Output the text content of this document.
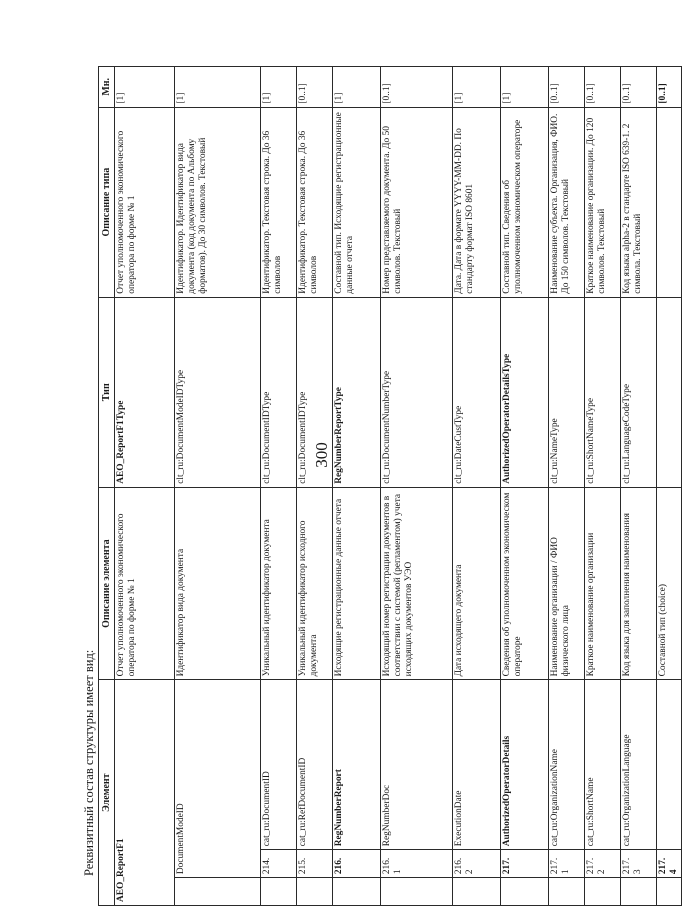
300
Реквизитный состав структуры имеет вид: Элемент			Описание элемента	Тип	Описание типа	Мн.
AEO_ReportF1			Отчет уполномоченного экономического оператора по форме № 1	AEO_ReportF1Type	Отчет уполномоченного экономического оператора по форме № 1	[1]
	DocumentModeID		Идентификатор вида документа	clt_ru:DocumentModeIDType	Идентификатор. Идентификатор вида документа (код документа по Альбому форматов). До 30 символов. Текстовый	[1]
	214.	cat_ru:DocumentID	Уникальный идентификатор документа	clt_ru:DocumentIDType	Идентификатор. Текстовая строка. До 36 символов	[1]
	215.	cat_ru:RefDocumentID	Уникальный идентификатор исходного документа	clt_ru:DocumentIDType	Идентификатор. Текстовая строка. До 36 символов	[0..1]
	216.	RegNumberReport	Исходящие регистрационные данные отчета	RegNumberReportType	Составной тип. Исходящие регистрационные данные отчета	[1]
	216.1	RegNumberDoc	Исходящий номер регистрации документов в соответствии с системой (регламентом) учета исходящих документов УЭО	clt_ru:DocumentNumberType	Номер представляемого документа. До 50 символов. Текстовый	[0..1]
	216.2	ExecutionDate	Дата исходящего документа	clt_ru:DateCustType	Дата. Дата в формате YYYY-MM-DD. По стандарту формат ISO 8601	[1]
	217.	AuthorizedOperatorDetails	Сведения об уполномоченном экономическом операторе	AuthorizedOperatorDetailsType	Составной тип. Сведения об уполномоченном экономическом операторе	[1]
	217.1	cat_ru:OrganizationName	Наименование организации / ФИО физического лица	clt_ru:NameType	Наименование субъекта. Организация, ФИО. До 150 символов. Текстовый	[0..1]
	217.2	cat_ru:ShortName	Краткое наименование организации	clt_ru:ShortNameType	Краткое наименование организации. До 120 символов. Текстовый	[0..1]
	217.3	cat_ru:OrganizationLanguage	Код языка для заполнения наименования	clt_ru:LanguageCodeType	Код языка alpha-2 в стандарте ISO 639-1. 2 символа. Текстовый	[0..1]
	217.4		Составной тип (choice)			[0..1]
